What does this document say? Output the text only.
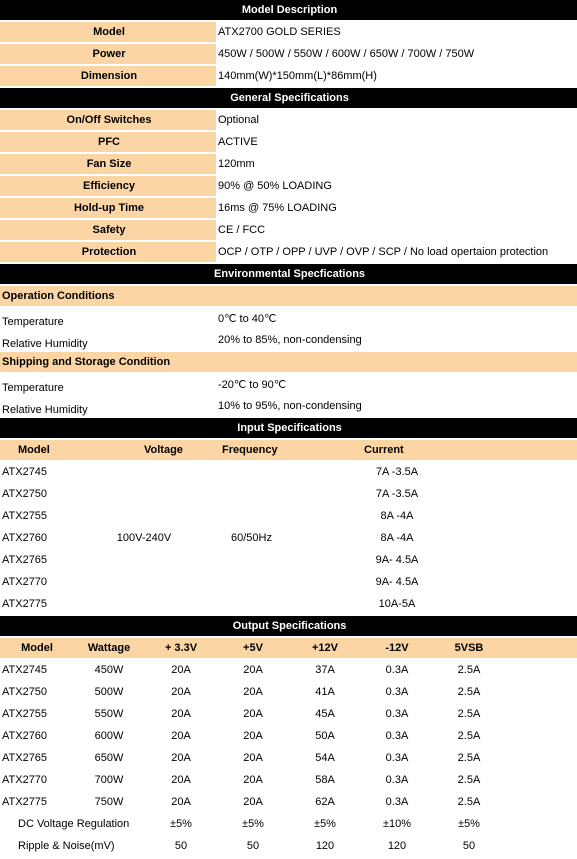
Model Description							
Model			ATX2700 GOLD SERIES				
Power			450W / 500W / 550W / 600W / 650W / 700W / 750W				
Dimension			140mm(W)*150mm(L)*86mm(H)				
General Specifications							
On/Off Switches			Optional				
PFC			ACTIVE				
Fan Size			120mm				
Efficiency			90% @ 50% LOADING				
Hold-up Time			16ms @ 75% LOADING				
Safety			CE / FCC				
Protection			OCP / OTP / OPP / UVP / OVP / SCP / No load opertaion protection				
Environmental Specfications							
Operation Conditions							
Temperature			0℃ to 40℃				
Relative Humidity			20% to 85%, non-condensing				
Shipping and Storage Condition							
Temperature			-20℃ to 90℃				
Relative Humidity			10% to 95%, non-condensing				
Input Specifications							
Model		Voltage	Frequency		Current		
ATX2745	100V-240V		60/50Hz		7A -3.5A		
ATX2750					7A -3.5A		
ATX2755					8A -4A		
ATX2760					8A -4A		
ATX2765					9A- 4.5A		
ATX2770					9A- 4.5A		
ATX2775					10A-5A		
Output Specifications							
Model	Wattage	+ 3.3V	+5V	+12V	-12V	5VSB	
ATX2745	450W	20A	20A	37A	0.3A	2.5A	
ATX2750	500W	20A	20A	41A	0.3A	2.5A	
ATX2755	550W	20A	20A	45A	0.3A	2.5A	
ATX2760	600W	20A	20A	50A	0.3A	2.5A	
ATX2765	650W	20A	20A	54A	0.3A	2.5A	
ATX2770	700W	20A	20A	58A	0.3A	2.5A	
ATX2775	750W	20A	20A	62A	0.3A	2.5A	
DC Voltage Regulation		±5%	±5%	±5%	±10%	±5%	
Ripple & Noise(mV)		50	50	120	120	50	
